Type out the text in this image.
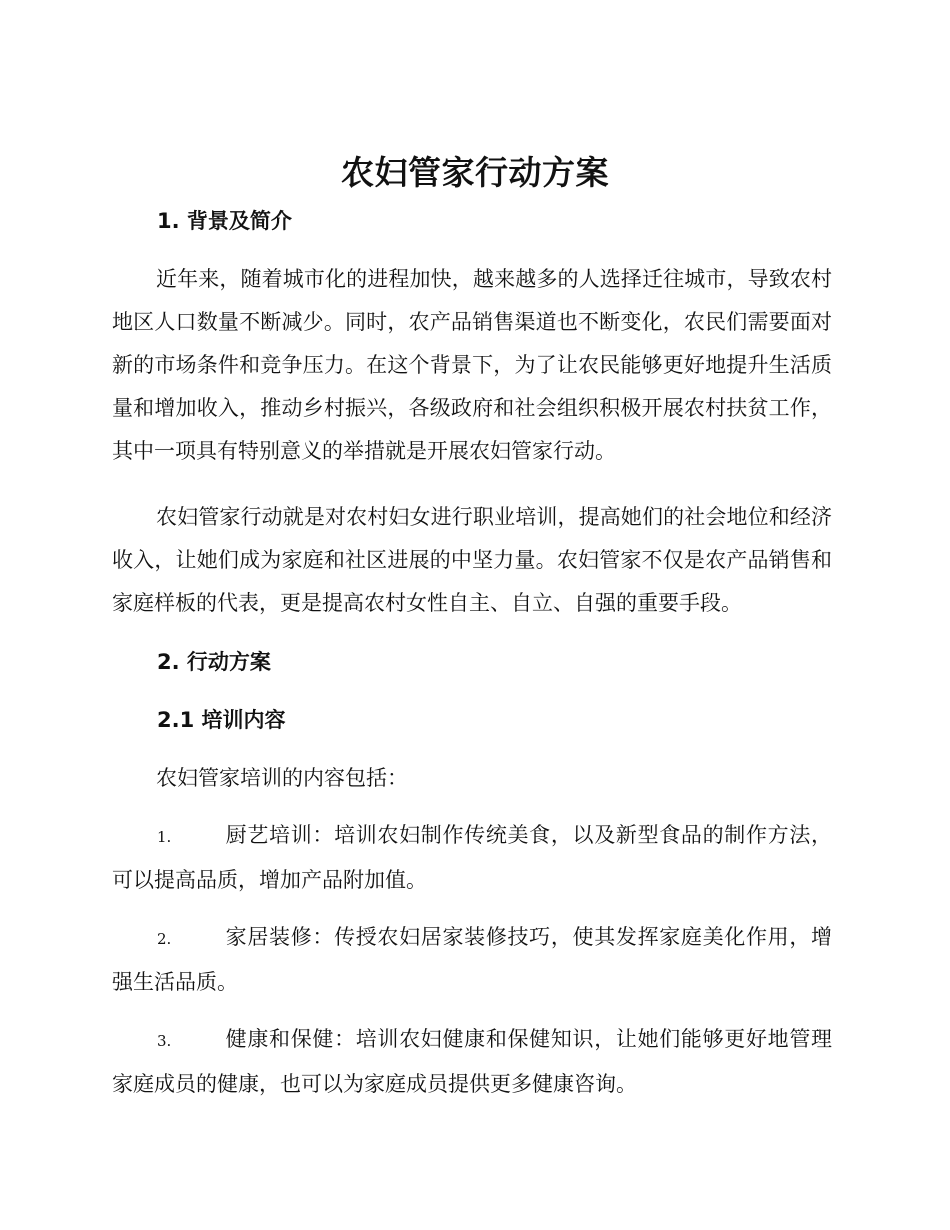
农妇管家行动方案
1. 背景及简介

近年来，随着城市化的进程加快，越来越多的人选择迁往城市，导致农村地区人口数量不断减少。同时，农产品销售渠道也不断变化，农民们需要面对新的市场条件和竞争压力。在这个背景下，为了让农民能够更好地提升生活质量和增加收入，推动乡村振兴，各级政府和社会组织积极开展农村扶贫工作，其中一项具有特别意义的举措就是开展农妇管家行动。

农妇管家行动就是对农村妇女进行职业培训，提高她们的社会地位和经济收入，让她们成为家庭和社区进展的中坚力量。农妇管家不仅是农产品销售和家庭样板的代表，更是提高农村女性自主、自立、自强的重要手段。

2. 行动方案
2.1 培训内容

农妇管家培训的内容包括：

1.	厨艺培训：培训农妇制作传统美食，以及新型食品的制作方法，可以提高品质，增加产品附加值。

2.	家居装修：传授农妇居家装修技巧，使其发挥家庭美化作用，增强生活品质。

3.	健康和保健：培训农妇健康和保健知识，让她们能够更好地管理家庭成员的健康，也可以为家庭成员提供更多健康咨询。
